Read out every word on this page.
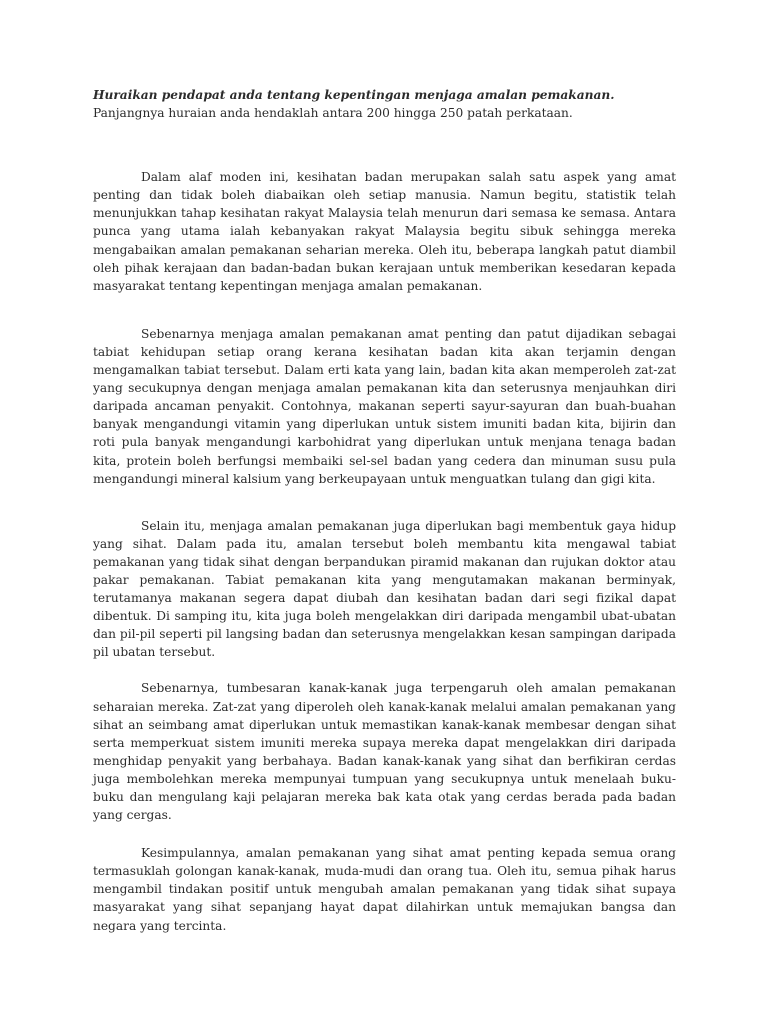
Huraikan pendapat anda tentang kepentingan menjaga amalan pemakanan. Panjangnya huraian anda hendaklah antara 200 hingga 250 patah perkataan.

Dalam alaf moden ini, kesihatan badan merupakan salah satu aspek yang amat penting dan tidak boleh diabaikan oleh setiap manusia. Namun begitu, statistik telah menunjukkan tahap kesihatan rakyat Malaysia telah menurun dari semasa ke semasa. Antara punca yang utama ialah kebanyakan rakyat Malaysia begitu sibuk sehingga mereka mengabaikan amalan pemakanan seharian mereka. Oleh itu, beberapa langkah patut diambil oleh pihak kerajaan dan badan-badan bukan kerajaan untuk memberikan kesedaran kepada masyarakat tentang kepentingan menjaga amalan pemakanan.

Sebenarnya menjaga amalan pemakanan amat penting dan patut dijadikan sebagai tabiat kehidupan setiap orang kerana kesihatan badan kita akan terjamin dengan mengamalkan tabiat tersebut. Dalam erti kata yang lain, badan kita akan memperoleh zat-zat yang secukupnya dengan menjaga amalan pemakanan kita dan seterusnya menjauhkan diri daripada ancaman penyakit. Contohnya, makanan seperti sayur-sayuran dan buah-buahan banyak mengandungi vitamin yang diperlukan untuk sistem imuniti badan kita, bijirin dan roti pula banyak mengandungi karbohidrat yang diperlukan untuk menjana tenaga badan kita, protein boleh berfungsi membaiki sel-sel badan yang cedera dan minuman susu pula mengandungi mineral kalsium yang berkeupayaan untuk menguatkan tulang dan gigi kita.

Selain itu, menjaga amalan pemakanan juga diperlukan bagi membentuk gaya hidup yang sihat. Dalam pada itu, amalan tersebut boleh membantu kita mengawal tabiat pemakanan yang tidak sihat dengan berpandukan piramid makanan dan rujukan doktor atau pakar pemakanan. Tabiat pemakanan kita yang mengutamakan makanan berminyak, terutamanya makanan segera dapat diubah dan kesihatan badan dari segi fizikal dapat dibentuk. Di samping itu, kita juga boleh mengelakkan diri daripada mengambil ubat-ubatan dan pil-pil seperti pil langsing badan dan seterusnya mengelakkan kesan sampingan daripada pil ubatan tersebut.

Sebenarnya, tumbesaran kanak-kanak juga terpengaruh oleh amalan pemakanan seharaian mereka. Zat-zat yang diperoleh oleh kanak-kanak melalui amalan pemakanan yang sihat an seimbang amat diperlukan untuk memastikan kanak-kanak membesar dengan sihat serta memperkuat sistem imuniti mereka supaya mereka dapat mengelakkan diri daripada menghidap penyakit yang berbahaya. Badan kanak-kanak yang sihat dan berfikiran cerdas juga membolehkan mereka mempunyai tumpuan yang secukupnya untuk menelaah buku-buku dan mengulang kaji pelajaran mereka bak kata otak yang cerdas berada pada badan yang cergas.

Kesimpulannya, amalan pemakanan yang sihat amat penting kepada semua orang termasuklah golongan kanak-kanak, muda-mudi dan orang tua. Oleh itu, semua pihak harus mengambil tindakan positif untuk mengubah amalan pemakanan yang tidak sihat supaya masyarakat yang sihat sepanjang hayat dapat dilahirkan untuk memajukan bangsa dan negara yang tercinta.
